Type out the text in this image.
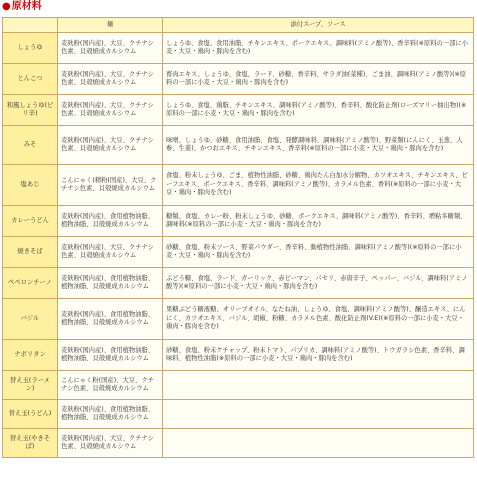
●原材料
	麺	添付スープ、ソース
しょうゆ	麦麸粉(国内産)、大豆、クチナシ色素、貝殻焼成カルシウム	しょうゆ、食塩、食用油脂、チキンエキス、ポークエキス、調味料(アミノ酸等)、香辛料(※原料の一部に小麦・大豆・鶏肉・豚肉を含む)
とんこつ	麦麸粉(国内産)、大豆、クチナシ色素、貝殻焼成カルシウム	畜肉エキス、しょうゆ、食塩、ラード、砂糖、香辛料、サラダ油(菜種)、ごま油、調味料(アミノ酸等)(※原料の一部に小麦・大豆・鶏肉・豚肉を含む)
和風しょうゆ(ピリ辛)	麦麸粉(国内産)、大豆、クチナシ色素、貝殻焼成カルシウム	しょうゆ、食塩、鶏脂、チキンエキス、調味料(アミノ酸等)、香辛料、酸化防止剤(ローズマリー抽出物)(※原料の一部に小麦・大豆・鶏肉・豚肉を含む)
みそ	麦麸粉(国内産)、大豆、クチナシ色素、貝殻焼成カルシウム	味噌、しょうゆ、砂糖、食用油脂、食塩、発酵調味料、調味料(アミノ酸等)、野菜類(にんにく、玉葱、人参、生姜)、かつおエキス、チキンエキス、香辛料(※原料の一部に小麦・大豆・鶏肉・豚肉を含む)
塩あじ	こんにゃく(精粉(国産)、大豆、クチナシ色素、貝殻焼成カルシウム	食塩、粉末しょうゆ、ごま、植物性油脂、砂糖、鶏肉たん白加水分解物、カツオエキス、チキンエキス、ビーフエキス、ポークエキス、香辛料、調味料(アミノ酸等)、カラメル色素、香料(※原料の一部に小麦・大豆・鶏肉・豚肉を含む)
カレーうどん	麦麸粉(国内産)、食用植物油脂、植物油脂、貝殻焼成カルシウム	糖類、食塩、カレー粉、粉末しょうゆ、砂糖、ポークエキス、調味料(アミノ酸等)、香辛料、増粘多糖類、調味料(※原料の一部に小麦・大豆・鶏肉・豚肉を含む)
焼きそば	麦麸粉(国内産)、大豆、クチナシ色素、貝殻焼成カルシウム	砂糖、食塩、粉末ソース、野菜パウダー、香辛料、動植物性油脂、調味料(アミノ酸等)(※原料の一部に小麦・大豆・鶏肉・豚肉を含む)
ペペロンチーノ	麦麸粉(国内産)、食用植物油脂、植物油脂、貝殻焼成カルシウム	ぶどう糖、食塩、ラード、ガーリック、赤ピーマン、パセリ、赤唐辛子、ペッパー、バジル、調味料(アミノ酸等)(※原料の一部に小麦・大豆・鶏肉・豚肉を含む)
バジル	麦麸粉(国内産)、食用植物油脂、植物油脂、貝殻焼成カルシウム	果糖ぶどう糖液糖、オリーブオイル、なたね油、しょうゆ、食塩、調味料(アミノ酸等)、醸造エキス、にんにく、カツオエキス、バジル、胡椒、粉糖、カラメル色素、酸化防止剤(V.E)(※原料の一部に小麦・大豆・鶏肉・豚肉を含む)
ナポリタン	麦麸粉(国内産)、食用植物油脂、植物油脂、貝殻焼成カルシウム	砂糖、食塩、粉末ケチャップ、粉末トマト、パプリカ、調味料(アミノ酸等)、トウガラシ色素、香辛料、調味料、植物性油脂(※原料の一部に小麦・大豆・鶏肉・豚肉を含む)
替え玉(ラーメン)	こんにゃく粉(国産)、大豆、クチナシ色素、貝殻焼成カルシウム	
替え玉(うどん)	麦麸粉(国内産)、食用植物油脂、植物油脂、貝殻焼成カルシウム	
替え玉(やきそば)	麦麸粉(国内産)、大豆、クチナシ色素、貝殻焼成カルシウム	
